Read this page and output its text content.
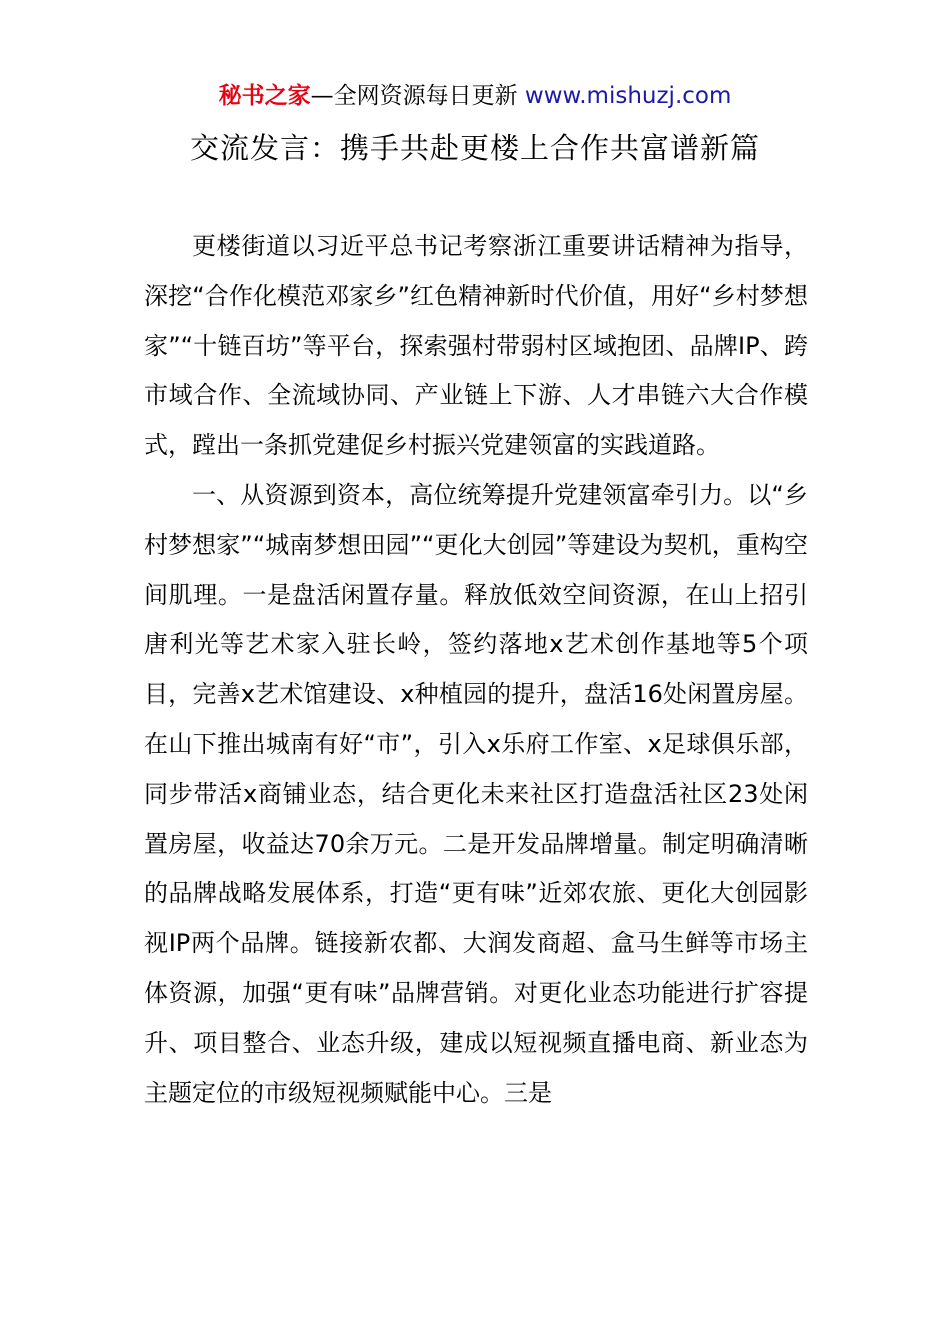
秘书之家—全网资源每日更新 www.mishuzj.com
交流发言：携手共赴更楼上合作共富谱新篇

更楼街道以习近平总书记考察浙江重要讲话精神为指导，深挖“合作化模范邓家乡”红色精神新时代价值，用好“乡村梦想家”“十链百坊”等平台，探索强村带弱村区域抱团、品牌IP、跨市域合作、全流域协同、产业链上下游、人才串链六大合作模式，蹚出一条抓党建促乡村振兴党建领富的实践道路。

一、从资源到资本，高位统筹提升党建领富牵引力。以“乡村梦想家”“城南梦想田园”“更化大创园”等建设为契机，重构空间肌理。一是盘活闲置存量。释放低效空间资源，在山上招引唐利光等艺术家入驻长岭，签约落地x艺术创作基地等5个项目，完善x艺术馆建设、x种植园的提升，盘活16处闲置房屋。在山下推出城南有好“市”，引入x乐府工作室、x足球俱乐部，同步带活x商铺业态，结合更化未来社区打造盘活社区23处闲置房屋，收益达70余万元。二是开发品牌增量。制定明确清晰的品牌战略发展体系，打造“更有味”近郊农旅、更化大创园影视IP两个品牌。链接新农都、大润发商超、盒马生鲜等市场主体资源，加强“更有味”品牌营销。对更化业态功能进行扩容提升、项目整合、业态升级，建成以短视频直播电商、新业态为主题定位的市级短视频赋能中心。三是
